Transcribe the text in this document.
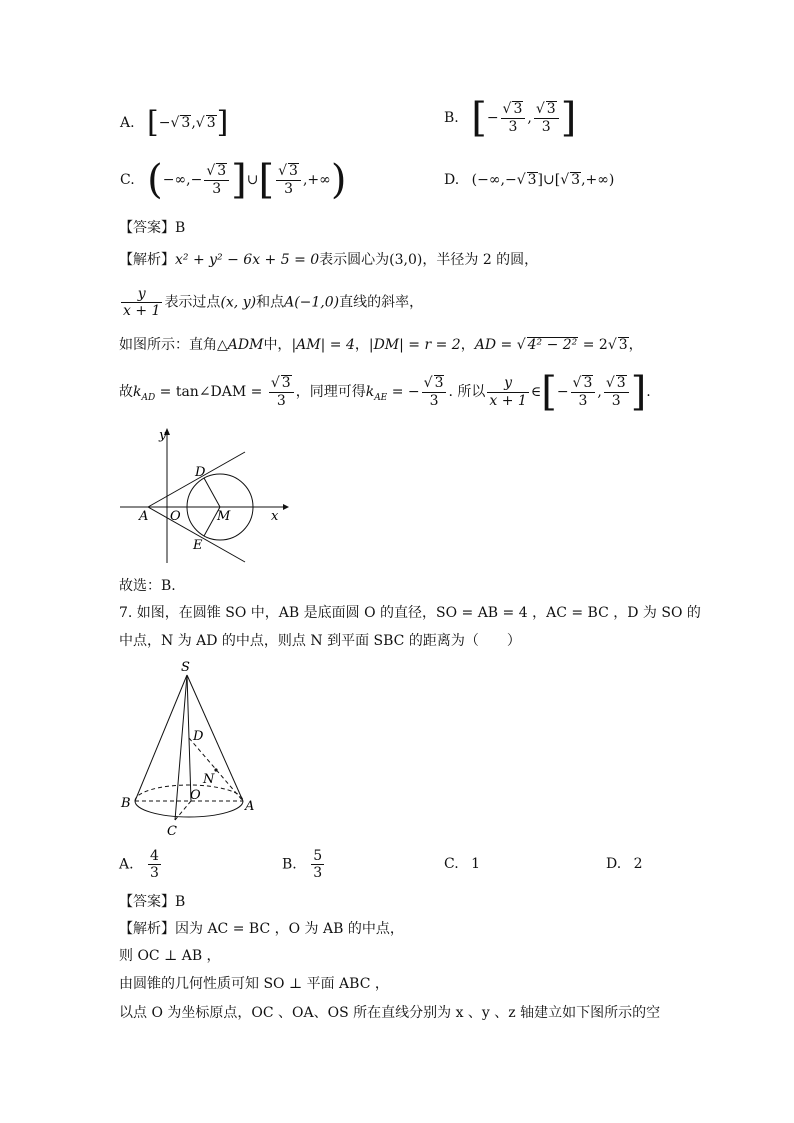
A. [−√ 3,√ 3]	B. [− $\frac{√ 3}{3}$ , $\frac{√ 3}{3}$ ]
C. (−∞,− $\frac{√ 3}{3}$ ]∪[ $\frac{√ 3}{3}$ ,+∞)	D. (−∞,−√ 3]∪[√ 3,+∞)
【答案】B
【解析】x² + y² − 6x + 5 = 0表示圆心为(3,0)，半径为 2 的圆，
$\frac{y}{x + 1}$ 表示过点(x, y)和点A(−1,0)直线的斜率，
如图所示：直角△ADM中，|AM| = 4，|DM| = r = 2，AD = √ 4² − 2² = 2√ 3，
故$k_{AD}$ = tan∠DAM = $\frac{√ 3}{3}$ ，同理可得$k_{AE}$ = − $\frac{√ 3}{3}$ . 所以 $\frac{y}{x + 1}$ ∈[− $\frac{√ 3}{3}$ , $\frac{√ 3}{3}$ ].
y
x
A O	M
D
E
故选：B.
7. 如图，在圆锥 SO 中，AB 是底面圆 O 的直径，SO = AB = 4 ，AC = BC ，D 为 SO 的
中点，N 为 AD 的中点，则点 N 到平面 SBC 的距离为（　　）
S
D
N
O
B	A
C
A. $\frac{4}{3}$	B. $\frac{5}{3}$	C. 1	D. 2
【答案】B
【解析】因为 AC = BC ，O 为 AB 的中点，
则 OC ⊥ AB ，
由圆锥的几何性质可知 SO ⊥ 平面 ABC ，
以点 O 为坐标原点，OC 、OA、OS 所在直线分别为 x 、y 、z 轴建立如下图所示的空
